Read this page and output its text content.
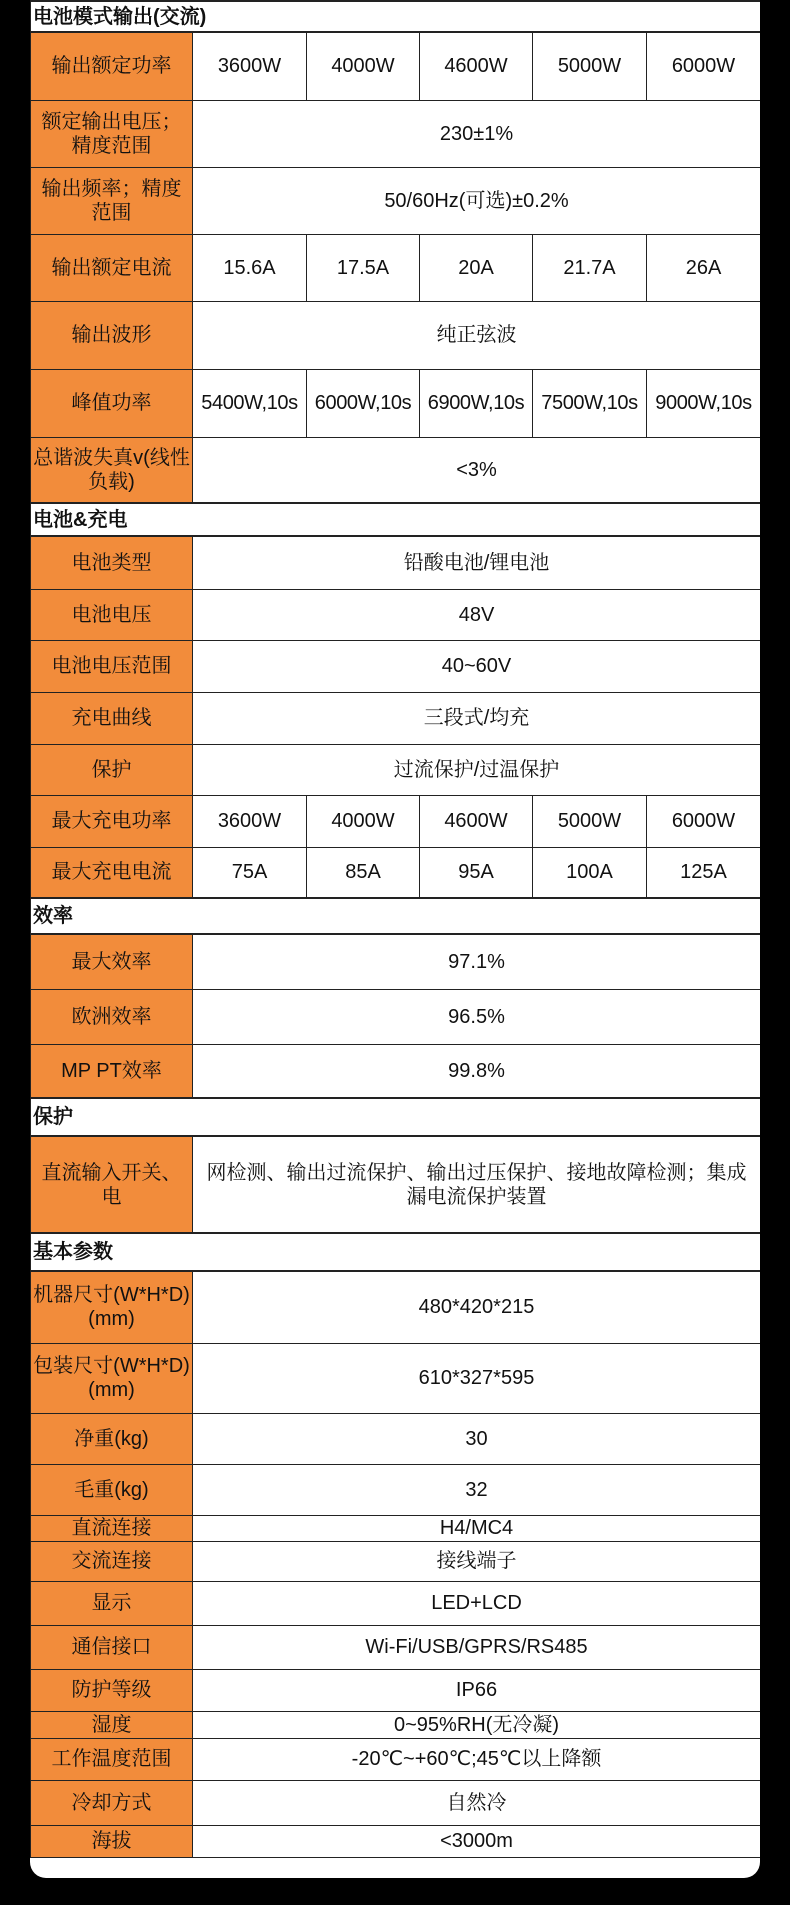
电池模式输出(交流)					
输出额定功率	3600W	4000W	4600W	5000W	6000W
额定输出电压；精度范围	230±1%				
输出频率；精度范围	50/60Hz(可选)±0.2%				
输出额定电流	15.6A	17.5A	20A	21.7A	26A
输出波形	纯正弦波				
峰值功率	5400W,10s	6000W,10s	6900W,10s	7500W,10s	9000W,10s
总谐波失真v(线性负载)	<3%				
电池&充电					
电池类型	铅酸电池/锂电池				
电池电压	48V				
电池电压范围	40~60V				
充电曲线	三段式/均充				
保护	过流保护/过温保护				
最大充电功率	3600W	4000W	4600W	5000W	6000W
最大充电电流	75A	85A	95A	100A	125A
效率					
最大效率	97.1%				
欧洲效率	96.5%				
MP PT效率	99.8%				
保护					
直流输入开关、电	网检测、输出过流保护、输出过压保护、接地故障检测；集成漏电流保护装置				
基本参数					
机器尺寸(W*H*D)(mm)	480*420*215				
包装尺寸(W*H*D)(mm)	610*327*595				
净重(kg)	30				
毛重(kg)	32				
直流连接	H4/MC4				
交流连接	接线端子				
显示	LED+LCD				
通信接口	Wi-Fi/USB/GPRS/RS485				
防护等级	IP66				
湿度	0~95%RH(无冷凝)				
工作温度范围	-20℃~+60℃;45℃以上降额				
冷却方式	自然冷				
海拔	<3000m				
